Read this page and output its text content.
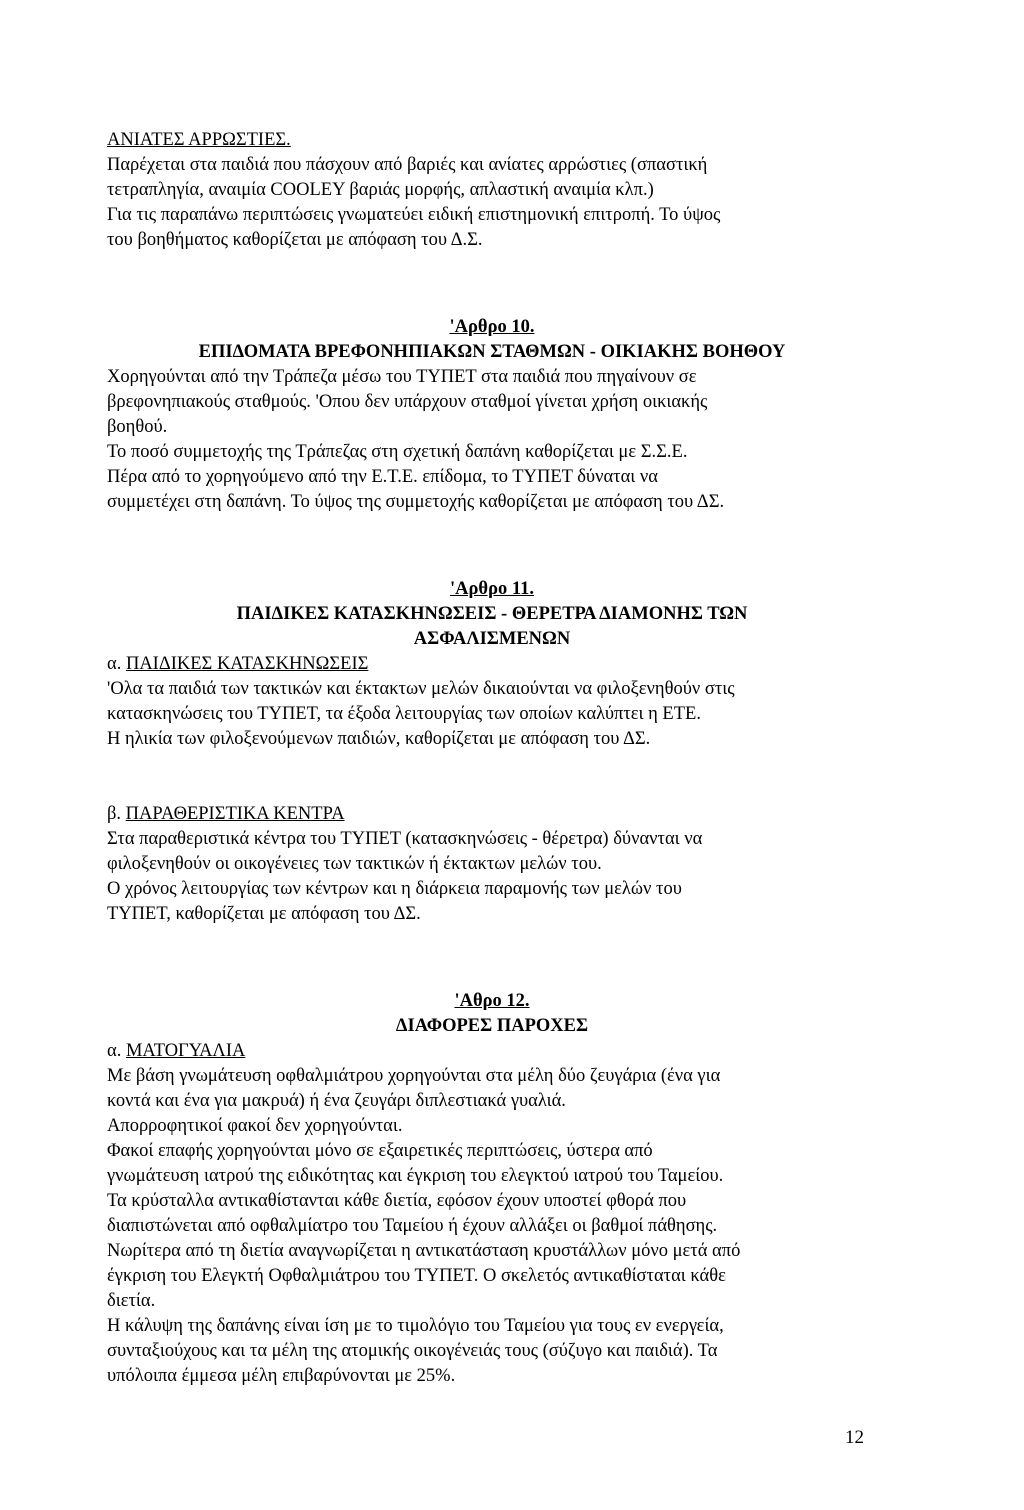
ΑΝΙΑΤΕΣ ΑΡΡΩΣΤΙΕΣ.

Παρέχεται στα παιδιά που πάσχουν από βαριές και ανίατες αρρώστιες (σπαστική

τετραπληγία, αναιμία COOLEY βαριάς μορφής, απλαστική αναιμία κλπ.)

Για τις παραπάνω περιπτώσεις γνωματεύει ειδική επιστημονική επιτροπή. Το ύψος

του βοηθήματος καθορίζεται με απόφαση του Δ.Σ.

'Αρθρο 10.

ΕΠΙΔΟΜΑΤΑ ΒΡΕΦΟΝΗΠΙΑΚΩΝ ΣΤΑΘΜΩΝ - ΟΙΚΙΑΚΗΣ ΒΟΗΘΟΥ

Χορηγούνται από την Τράπεζα μέσω του ΤΥΠΕΤ στα παιδιά που πηγαίνουν σε

βρεφονηπιακούς σταθμούς. 'Οπου δεν υπάρχουν σταθμοί γίνεται χρήση οικιακής

βοηθού.

Το ποσό συμμετοχής της Τράπεζας στη σχετική δαπάνη καθορίζεται με Σ.Σ.Ε.

Πέρα από το χορηγούμενο από την Ε.Τ.Ε. επίδομα, το ΤΥΠΕΤ δύναται να

συμμετέχει στη δαπάνη. Το ύψος της συμμετοχής καθορίζεται με απόφαση του ΔΣ.

'Αρθρο 11.

ΠΑΙΔΙΚΕΣ ΚΑΤΑΣΚΗΝΩΣΕΙΣ - ΘΕΡΕΤΡΑ ΔΙΑΜΟΝΗΣ ΤΩΝ

ΑΣΦΑΛΙΣΜΕΝΩΝ

α. ΠΑΙΔΙΚΕΣ ΚΑΤΑΣΚΗΝΩΣΕΙΣ

'Ολα τα παιδιά των τακτικών και έκτακτων μελών δικαιούνται να φιλοξενηθούν στις

κατασκηνώσεις του ΤΥΠΕΤ, τα έξοδα λειτουργίας των οποίων καλύπτει η ΕΤΕ.

Η ηλικία των φιλοξενούμενων παιδιών, καθορίζεται με απόφαση του ΔΣ.

β. ΠΑΡΑΘΕΡΙΣΤΙΚΑ ΚΕΝΤΡΑ

Στα παραθεριστικά κέντρα του ΤΥΠΕΤ (κατασκηνώσεις - θέρετρα) δύνανται να

φιλοξενηθούν οι οικογένειες των τακτικών ή έκτακτων μελών του.

Ο χρόνος λειτουργίας των κέντρων και η διάρκεια παραμονής των μελών του

ΤΥΠΕΤ, καθορίζεται με απόφαση του ΔΣ.

'Αθρο 12.

ΔΙΑΦΟΡΕΣ ΠΑΡΟΧΕΣ

α. ΜΑΤΟΓΥΑΛΙΑ

Με βάση γνωμάτευση οφθαλμιάτρου χορηγούνται στα μέλη δύο ζευγάρια (ένα για

κοντά και ένα για μακρυά) ή ένα ζευγάρι διπλεστιακά γυαλιά.

Απορροφητικοί φακοί δεν χορηγούνται.

Φακοί επαφής χορηγούνται μόνο σε εξαιρετικές περιπτώσεις, ύστερα από

γνωμάτευση ιατρού της ειδικότητας και έγκριση του ελεγκτού ιατρού του Ταμείου.

Τα κρύσταλλα αντικαθίστανται κάθε διετία, εφόσον έχουν υποστεί φθορά που

διαπιστώνεται από οφθαλμίατρο του Ταμείου ή έχουν αλλάξει οι βαθμοί πάθησης.

Νωρίτερα από τη διετία αναγνωρίζεται η αντικατάσταση κρυστάλλων μόνο μετά από

έγκριση του Ελεγκτή Οφθαλμιάτρου του ΤΥΠΕΤ. Ο σκελετός αντικαθίσταται κάθε

διετία.

Η κάλυψη της δαπάνης είναι ίση με το τιμολόγιο του Ταμείου για τους εν ενεργεία,

συνταξιούχους και τα μέλη της ατομικής οικογένειάς τους (σύζυγο και παιδιά). Τα

υπόλοιπα έμμεσα μέλη επιβαρύνονται με 25%.

12
